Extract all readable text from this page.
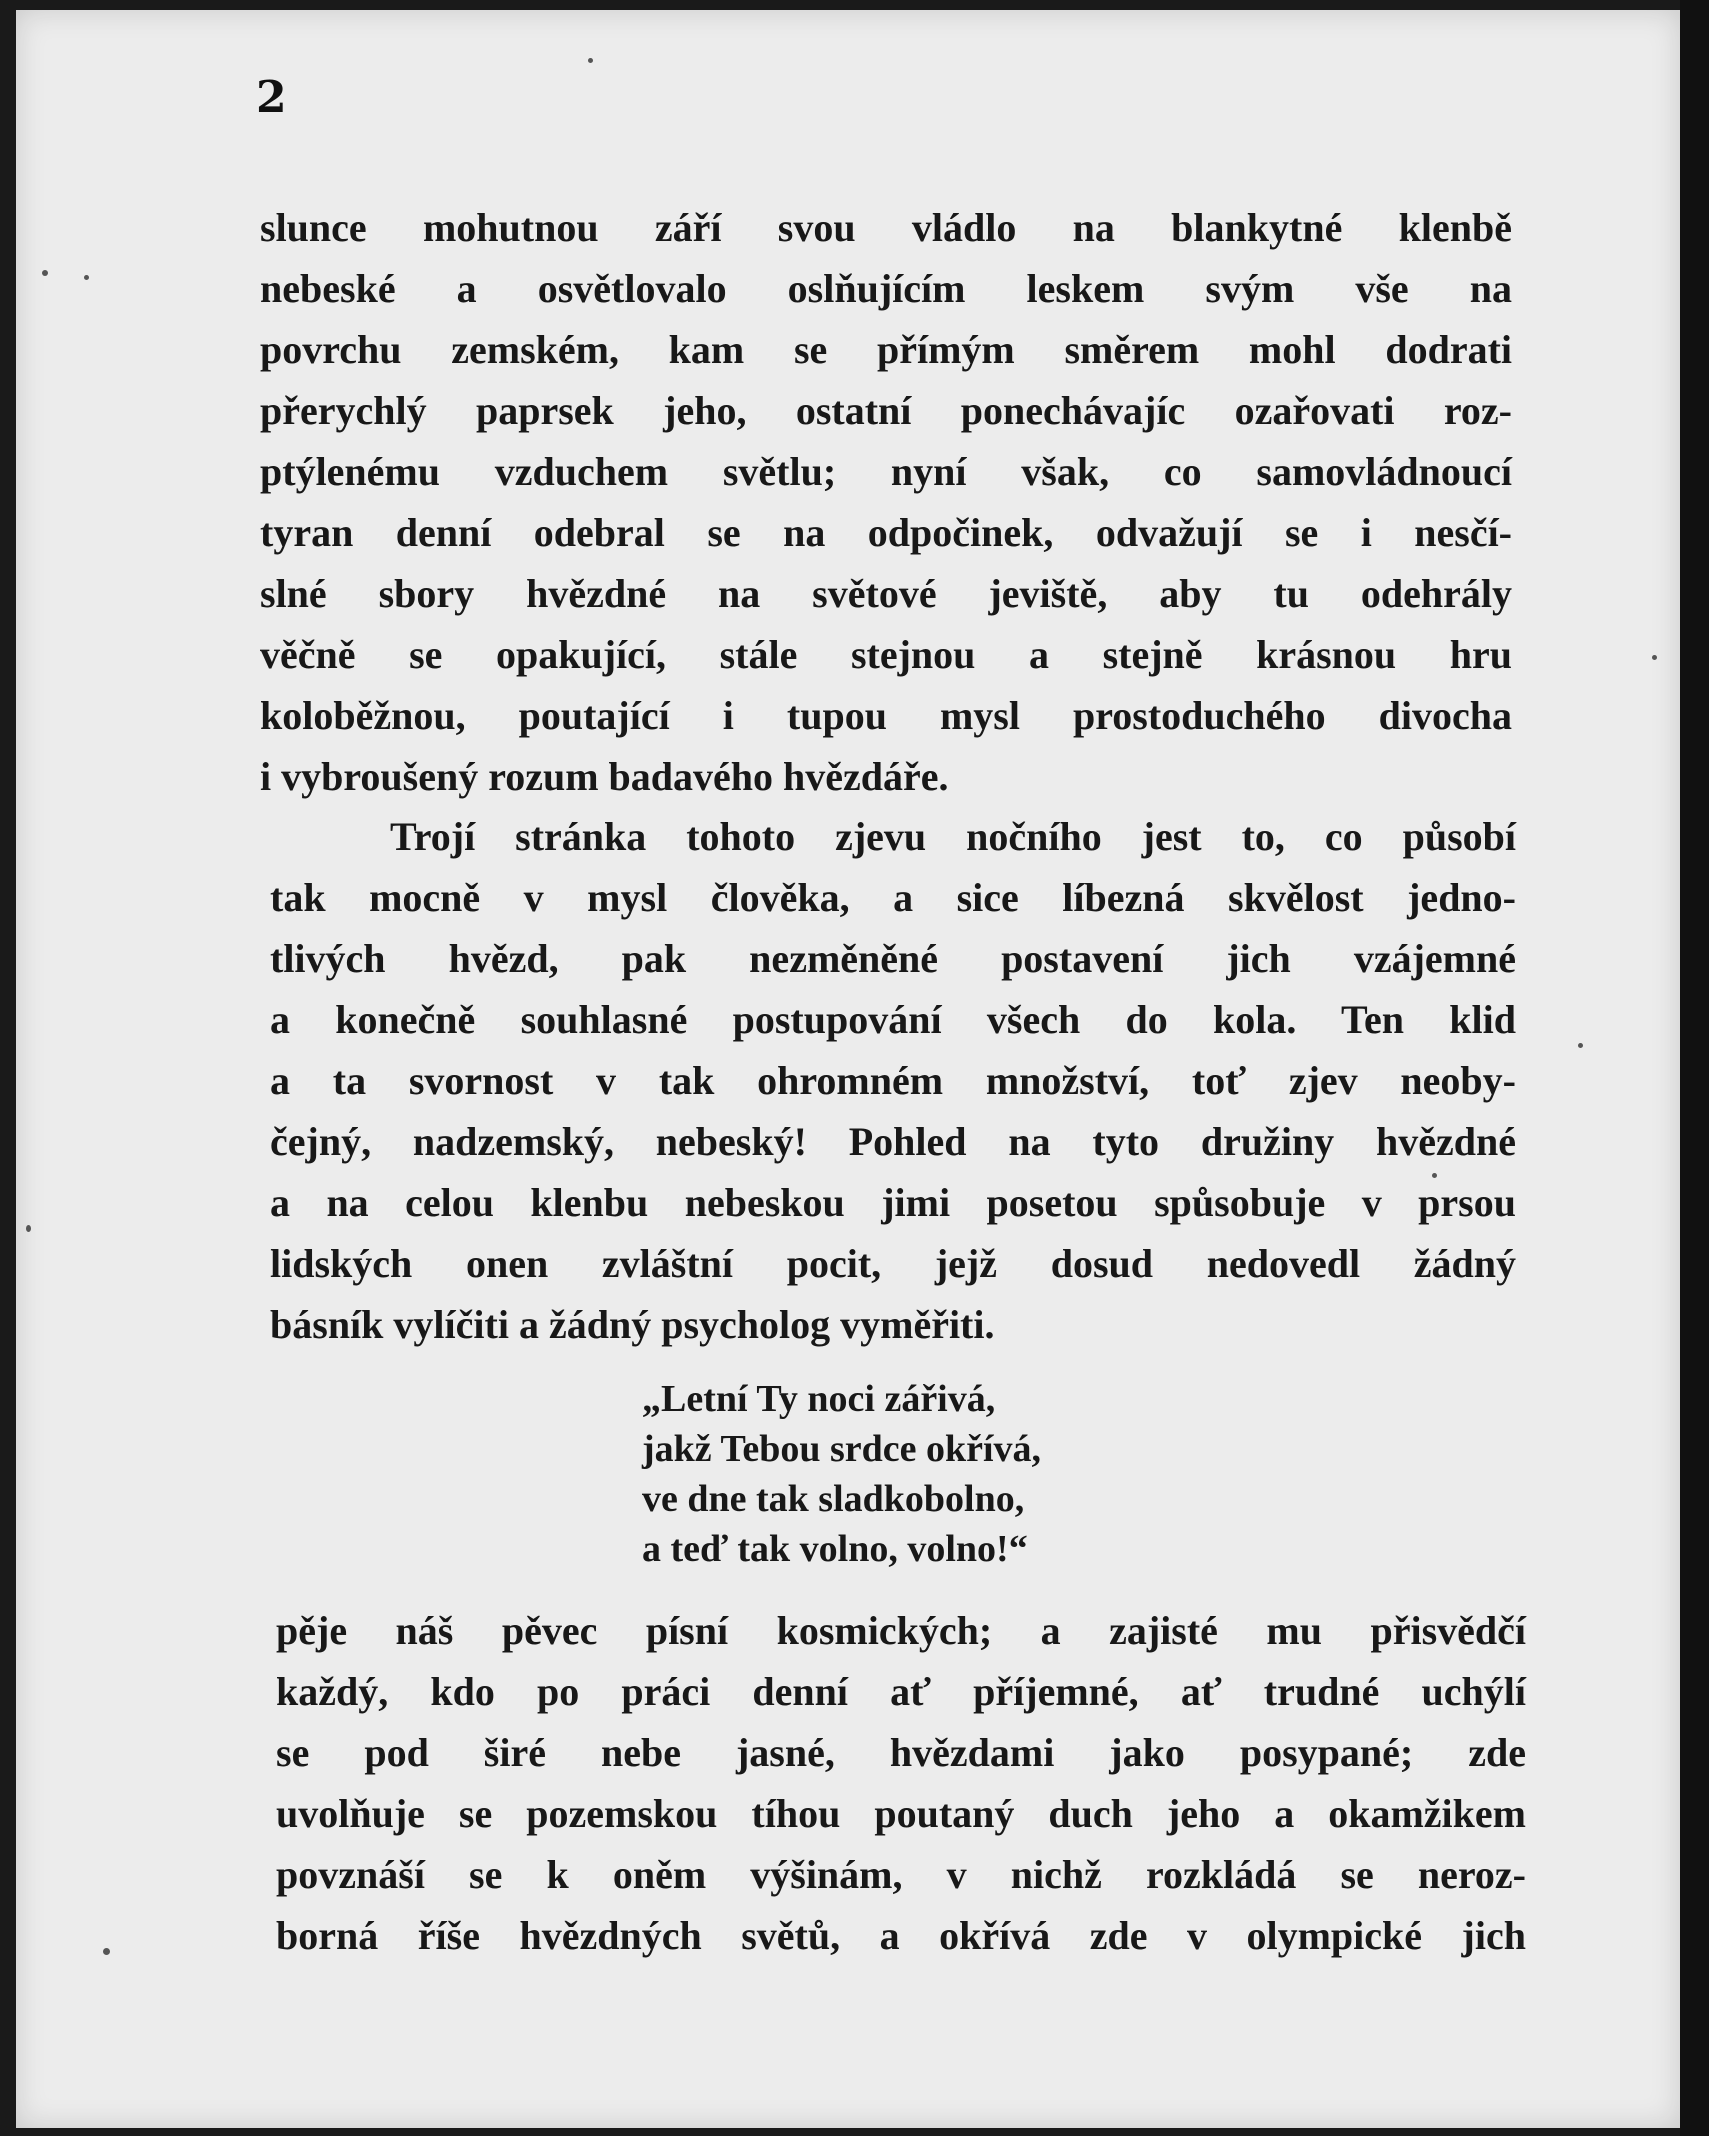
2
slunce mohutnou září svou vládlo na blankytné klenbě
nebeské a osvětlovalo oslňujícím leskem svým vše na
povrchu zemském, kam se přímým směrem mohl dodrati
přerychlý paprsek jeho, ostatní ponechávajíc ozařovati roz-
ptýlenému vzduchem světlu; nyní však, co samovládnoucí
tyran denní odebral se na odpočinek, odvažují se i nesčí-
slné sbory hvězdné na světové jeviště, aby tu odehrály
věčně se opakující, stále stejnou a stejně krásnou hru
koloběžnou, poutající i tupou mysl prostoduchého divocha
i vybroušený rozum badavého hvězdáře.
Trojí stránka tohoto zjevu nočního jest to, co působí
tak mocně v mysl člověka, a sice líbezná skvělost jedno-
tlivých hvězd, pak nezměněné postavení jich vzájemné
a konečně souhlasné postupování všech do kola. Ten klid
a ta svornost v tak ohromném množství, toť zjev neoby-
čejný, nadzemský, nebeský! Pohled na tyto družiny hvězdné
a na celou klenbu nebeskou jimi posetou spůsobuje v prsou
lidských onen zvláštní pocit, jejž dosud nedovedl žádný
básník vylíčiti a žádný psycholog vyměřiti.
„Letní Ty noci zářivá,
jakž Tebou srdce okřívá,
ve dne tak sladkobolno,
a teď tak volno, volno!“
pěje náš pěvec písní kosmických; a zajisté mu přisvědčí
každý, kdo po práci denní ať příjemné, ať trudné uchýlí
se pod širé nebe jasné, hvězdami jako posypané; zde
uvolňuje se pozemskou tíhou poutaný duch jeho a okamžikem
povznáší se k oněm výšinám, v nichž rozkládá se neroz-
borná říše hvězdných světů, a okřívá zde v olympické jich
